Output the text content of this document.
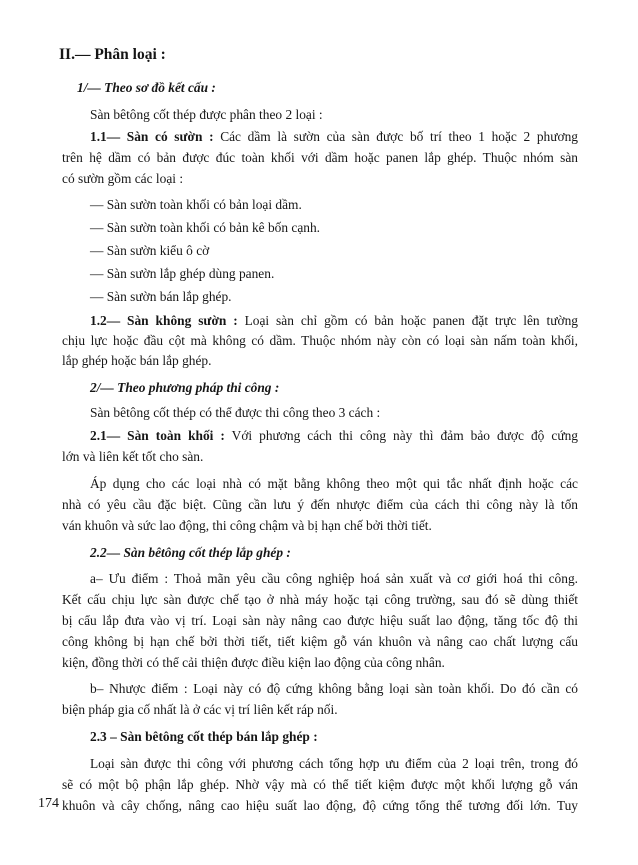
II.— Phân loại :
1/— Theo sơ đồ kết cấu :
Sàn bêtông cốt thép được phân theo 2 loại :
1.1— Sàn có sườn : Các dầm là sườn của sàn được bố trí theo 1 hoặc 2 phương
trên hệ dầm có bản được đúc toàn khối với dầm hoặc panen lắp ghép. Thuộc nhóm sàn
có sườn gồm các loại :
— Sàn sườn toàn khối có bản loại dầm.
— Sàn sườn toàn khối có bản kê bốn cạnh.
— Sàn sườn kiểu ô cờ
— Sàn sườn lắp ghép dùng panen.
— Sàn sườn bán lắp ghép.
1.2— Sàn không sườn : Loại sàn chỉ gồm có bản hoặc panen đặt trực lên tường
chịu lực hoặc đầu cột mà không có dầm. Thuộc nhóm này còn có loại sàn nấm toàn khối,
lắp ghép hoặc bán lắp ghép.
2/— Theo phương pháp thi công :
Sàn bêtông cốt thép có thể được thi công theo 3 cách :
2.1— Sàn toàn khối : Với phương cách thi công này thì đảm bảo được độ cứng
lớn và liên kết tốt cho sàn.
Áp dụng cho các loại nhà có mặt bằng không theo một qui tắc nhất định hoặc các
nhà có yêu cầu đặc biệt. Cũng cần lưu ý đến nhược điểm của cách thi công này là tốn
ván khuôn và sức lao động, thi công chậm và bị hạn chế bởi thời tiết.
2.2— Sàn bêtông cốt thép lắp ghép :
a– Ưu điểm : Thoả mãn yêu cầu công nghiệp hoá sản xuất và cơ giới hoá thi công.
Kết cấu chịu lực sàn được chế tạo ở nhà máy hoặc tại công trường, sau đó sẽ dùng thiết
bị cẩu lắp đưa vào vị trí. Loại sàn này nâng cao được hiệu suất lao động, tăng tốc độ thi
công không bị hạn chế bởi thời tiết, tiết kiệm gỗ ván khuôn và nâng cao chất lượng cấu
kiện, đồng thời có thể cải thiện được điều kiện lao động của công nhân.
b– Nhược điểm : Loại này có độ cứng không bằng loại sàn toàn khối. Do đó cần có
biện pháp gia cố nhất là ở các vị trí liên kết ráp nối.
2.3 – Sàn bêtông cốt thép bán lắp ghép :
Loại sàn được thi công với phương cách tổng hợp ưu điểm của 2 loại trên, trong đó
sẽ có một bộ phận lắp ghép. Nhờ vậy mà có thể tiết kiệm được một khối lượng gỗ ván
khuôn và cây chống, nâng cao hiệu suất lao động, độ cứng tổng thể tương đối lớn. Tuy
174
